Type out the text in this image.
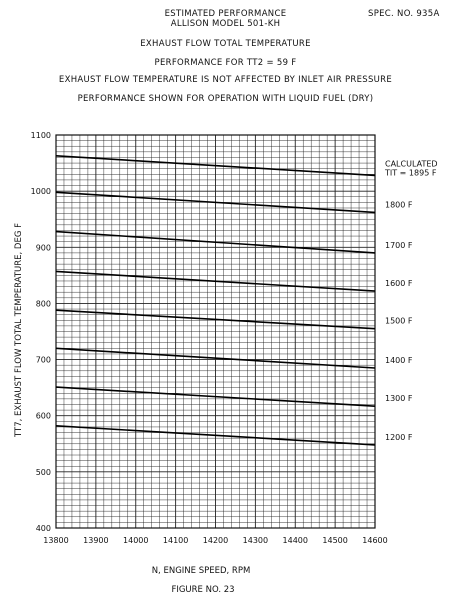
ESTIMATED PERFORMANCE
ALLISON MODEL 501-KH
SPEC. NO. 935A
EXHAUST FLOW TOTAL TEMPERATURE
PERFORMANCE FOR TT2 = 59 F
EXHAUST FLOW TEMPERATURE IS NOT AFFECTED BY INLET AIR PRESSURE
PERFORMANCE SHOWN FOR OPERATION WITH LIQUID FUEL (DRY)
400
500
600
700
800
900
1000
1100
13800 13900 14000 14100 14200 14300 14400 14500 14600
CALCULATED TIT = 1895 F
1800 F
1700 F
1600 F
1500 F
1400 F
1300 F
1200 F
N, ENGINE SPEED, RPM
TT7, EXHAUST FLOW TOTAL TEMPERATURE, DEG F
FIGURE NO. 23
